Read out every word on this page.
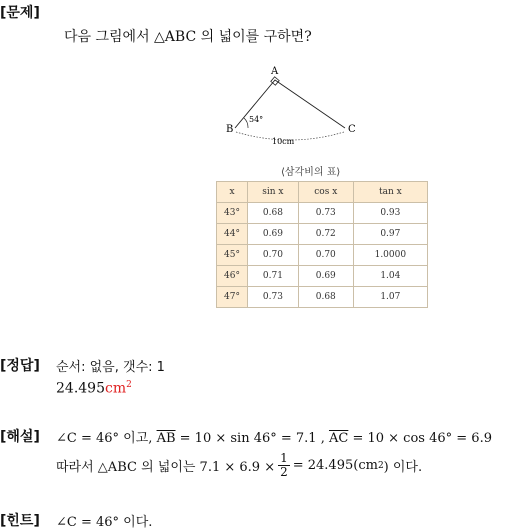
[문제]
다음 그림에서 △ABC 의 넓이를 구하면?
A
B	C
54°
10cm
⟨삼각비의 표⟩
x	sin x	cos x	tan x
43°	0.68	0.73	0.93
44°	0.69	0.72	0.97
45°	0.70	0.70	1.0000
46°	0.71	0.69	1.04
47°	0.73	0.68	1.07
[정답] 순서: 없음, 갯수: 1
$24.495cm^2$
[해설] ∠C = 46° 이고, $\overline{AB} = 10 \times \sin 46^\circ = 7.1$ , $\overline{AC} = 10 \times \cos 46^\circ = 6.9$
따라서 △ABC 의 넓이는 $7.1 \times 6.9 \times \frac{1}{2} = 24.495(cm$ 2 ) 이다.
[힌트] ∠C = 46° 이다.
